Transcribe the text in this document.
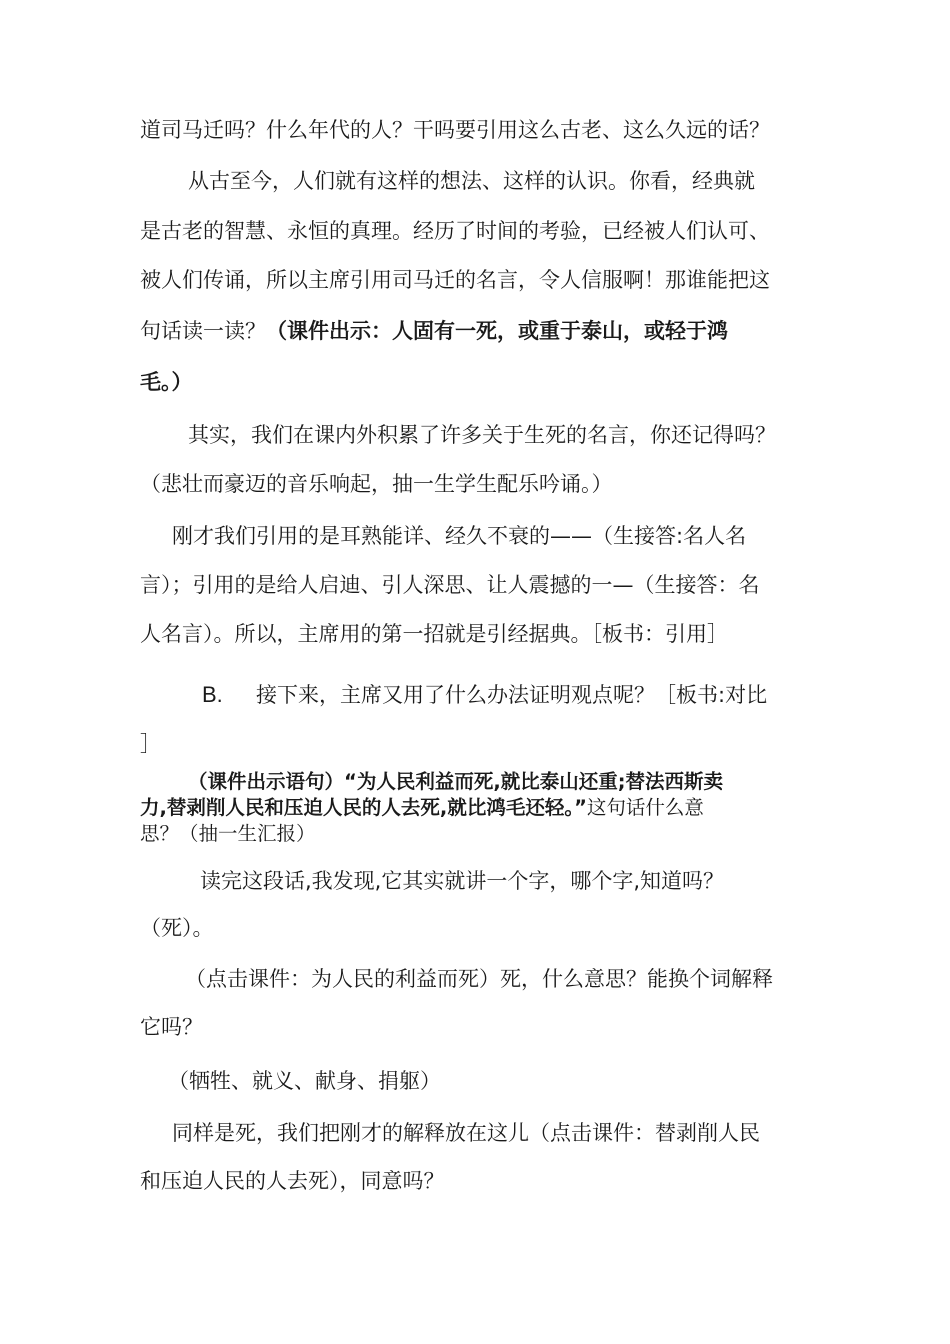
道司马迁吗？什么年代的人？干吗要引用这么古老、这么久远的话？
从古至今，人们就有这样的想法、这样的认识。你看，经典就
是古老的智慧、永恒的真理。经历了时间的考验，已经被人们认可、
被人们传诵，所以主席引用司马迁的名言，令人信服啊！那谁能把这
句话读一读？（课件出示：人固有一死，或重于泰山，或轻于鸿
毛。）
其实，我们在课内外积累了许多关于生死的名言，你还记得吗？
（悲壮而豪迈的音乐响起，抽一生学生配乐吟诵。）
刚才我们引用的是耳熟能详、经久不衰的——（生接答:名人名
言）；引用的是给人启迪、引人深思、让人震撼的一—（生接答：名
人名言）。所以，主席用的第一招就是引经据典。［板书：引用］
B.	接下来，主席又用了什么办法证明观点呢？［板书:对比
］
（课件出示语句）“为人民利益而死,就比泰山还重;替法西斯卖
力,替剥削人民和压迫人民的人去死,就比鸿毛还轻。”这句话什么意
思？（抽一生汇报）
读完这段话,我发现,它其实就讲一个字，哪个字,知道吗？
（死）。
（点击课件：为人民的利益而死）死，什么意思？能换个词解释
它吗？
（牺牲、就义、献身、捐躯）
同样是死，我们把刚才的解释放在这儿（点击课件：替剥削人民
和压迫人民的人去死），同意吗？
